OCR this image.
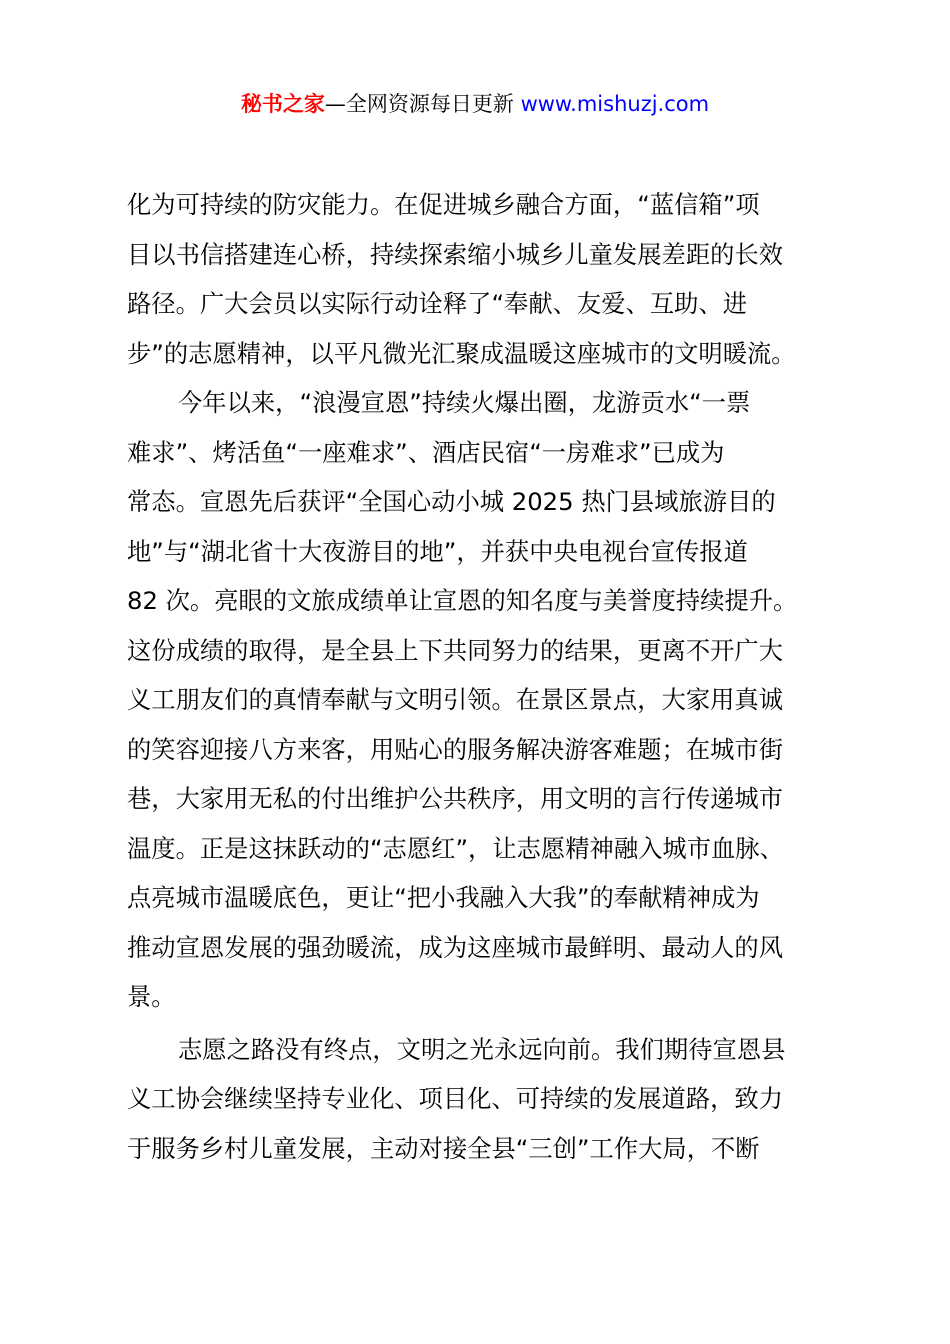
秘书之家—全网资源每日更新 www.mishuzj.com
化为可持续的防灾能力。在促进城乡融合方面，“蓝信箱”项
目以书信搭建连心桥，持续探索缩小城乡儿童发展差距的长效
路径。广大会员以实际行动诠释了“奉献、友爱、互助、进
步”的志愿精神，以平凡微光汇聚成温暖这座城市的文明暖流。
今年以来，“浪漫宣恩”持续火爆出圈，龙游贡水“一票
难求”、烤活鱼“一座难求”、酒店民宿“一房难求”已成为
常态。宣恩先后获评“全国心动小城 2025 热门县域旅游目的
地”与“湖北省十大夜游目的地”，并获中央电视台宣传报道
82 次。亮眼的文旅成绩单让宣恩的知名度与美誉度持续提升。
这份成绩的取得，是全县上下共同努力的结果，更离不开广大
义工朋友们的真情奉献与文明引领。在景区景点，大家用真诚
的笑容迎接八方来客，用贴心的服务解决游客难题；在城市街
巷，大家用无私的付出维护公共秩序，用文明的言行传递城市
温度。正是这抹跃动的“志愿红”，让志愿精神融入城市血脉、
点亮城市温暖底色，更让“把小我融入大我”的奉献精神成为
推动宣恩发展的强劲暖流，成为这座城市最鲜明、最动人的风
景。
志愿之路没有终点，文明之光永远向前。我们期待宣恩县
义工协会继续坚持专业化、项目化、可持续的发展道路，致力
于服务乡村儿童发展，主动对接全县“三创”工作大局，不断
